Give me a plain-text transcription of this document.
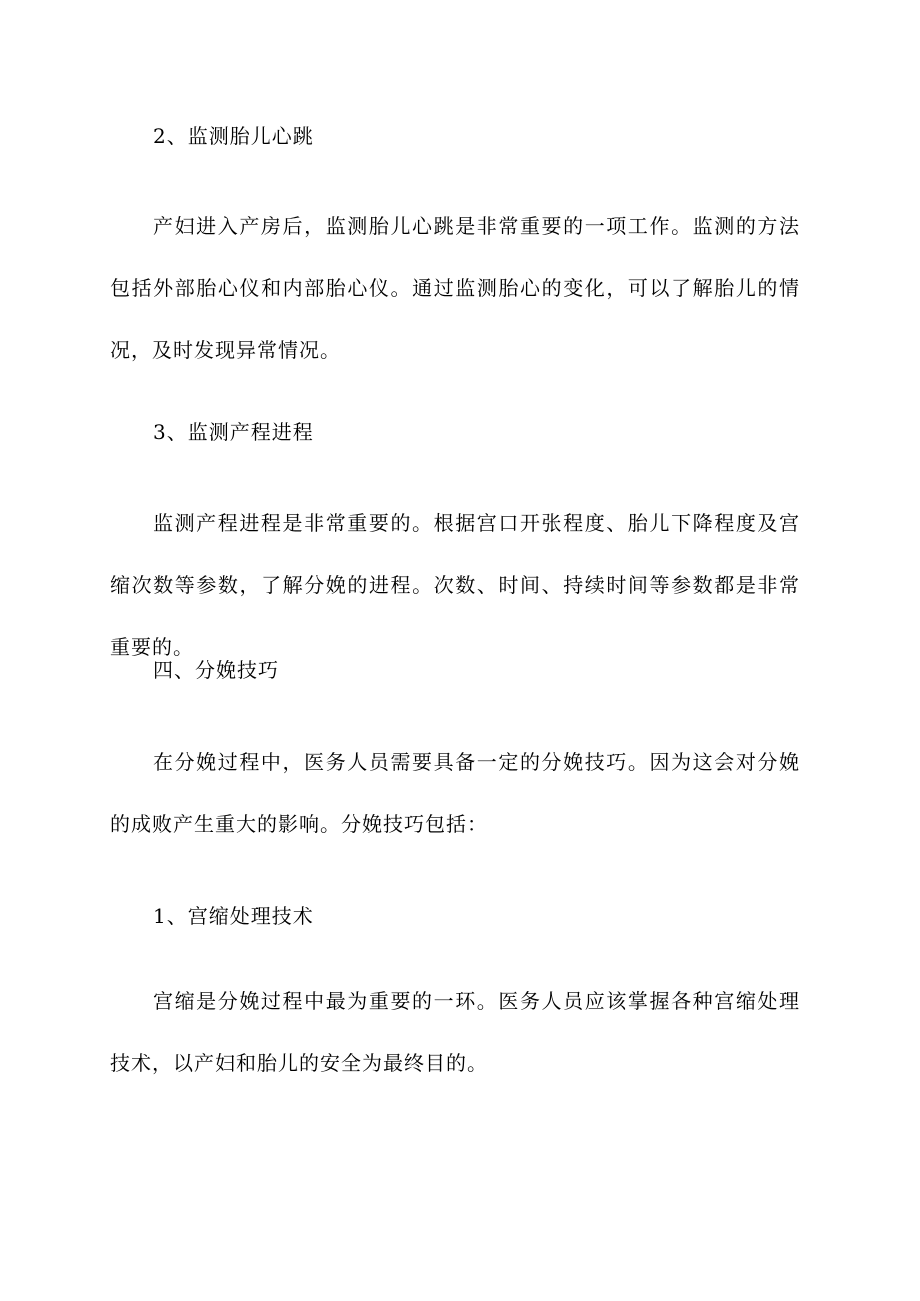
2、监测胎儿心跳

产妇进入产房后，监测胎儿心跳是非常重要的一项工作。监测的方法包括外部胎心仪和内部胎心仪。通过监测胎心的变化，可以了解胎儿的情况，及时发现异常情况。

3、监测产程进程

监测产程进程是非常重要的。根据宫口开张程度、胎儿下降程度及宫缩次数等参数，了解分娩的进程。次数、时间、持续时间等参数都是非常重要的。

四、分娩技巧

在分娩过程中，医务人员需要具备一定的分娩技巧。因为这会对分娩的成败产生重大的影响。分娩技巧包括：

1、宫缩处理技术

宫缩是分娩过程中最为重要的一环。医务人员应该掌握各种宫缩处理技术，以产妇和胎儿的安全为最终目的。
